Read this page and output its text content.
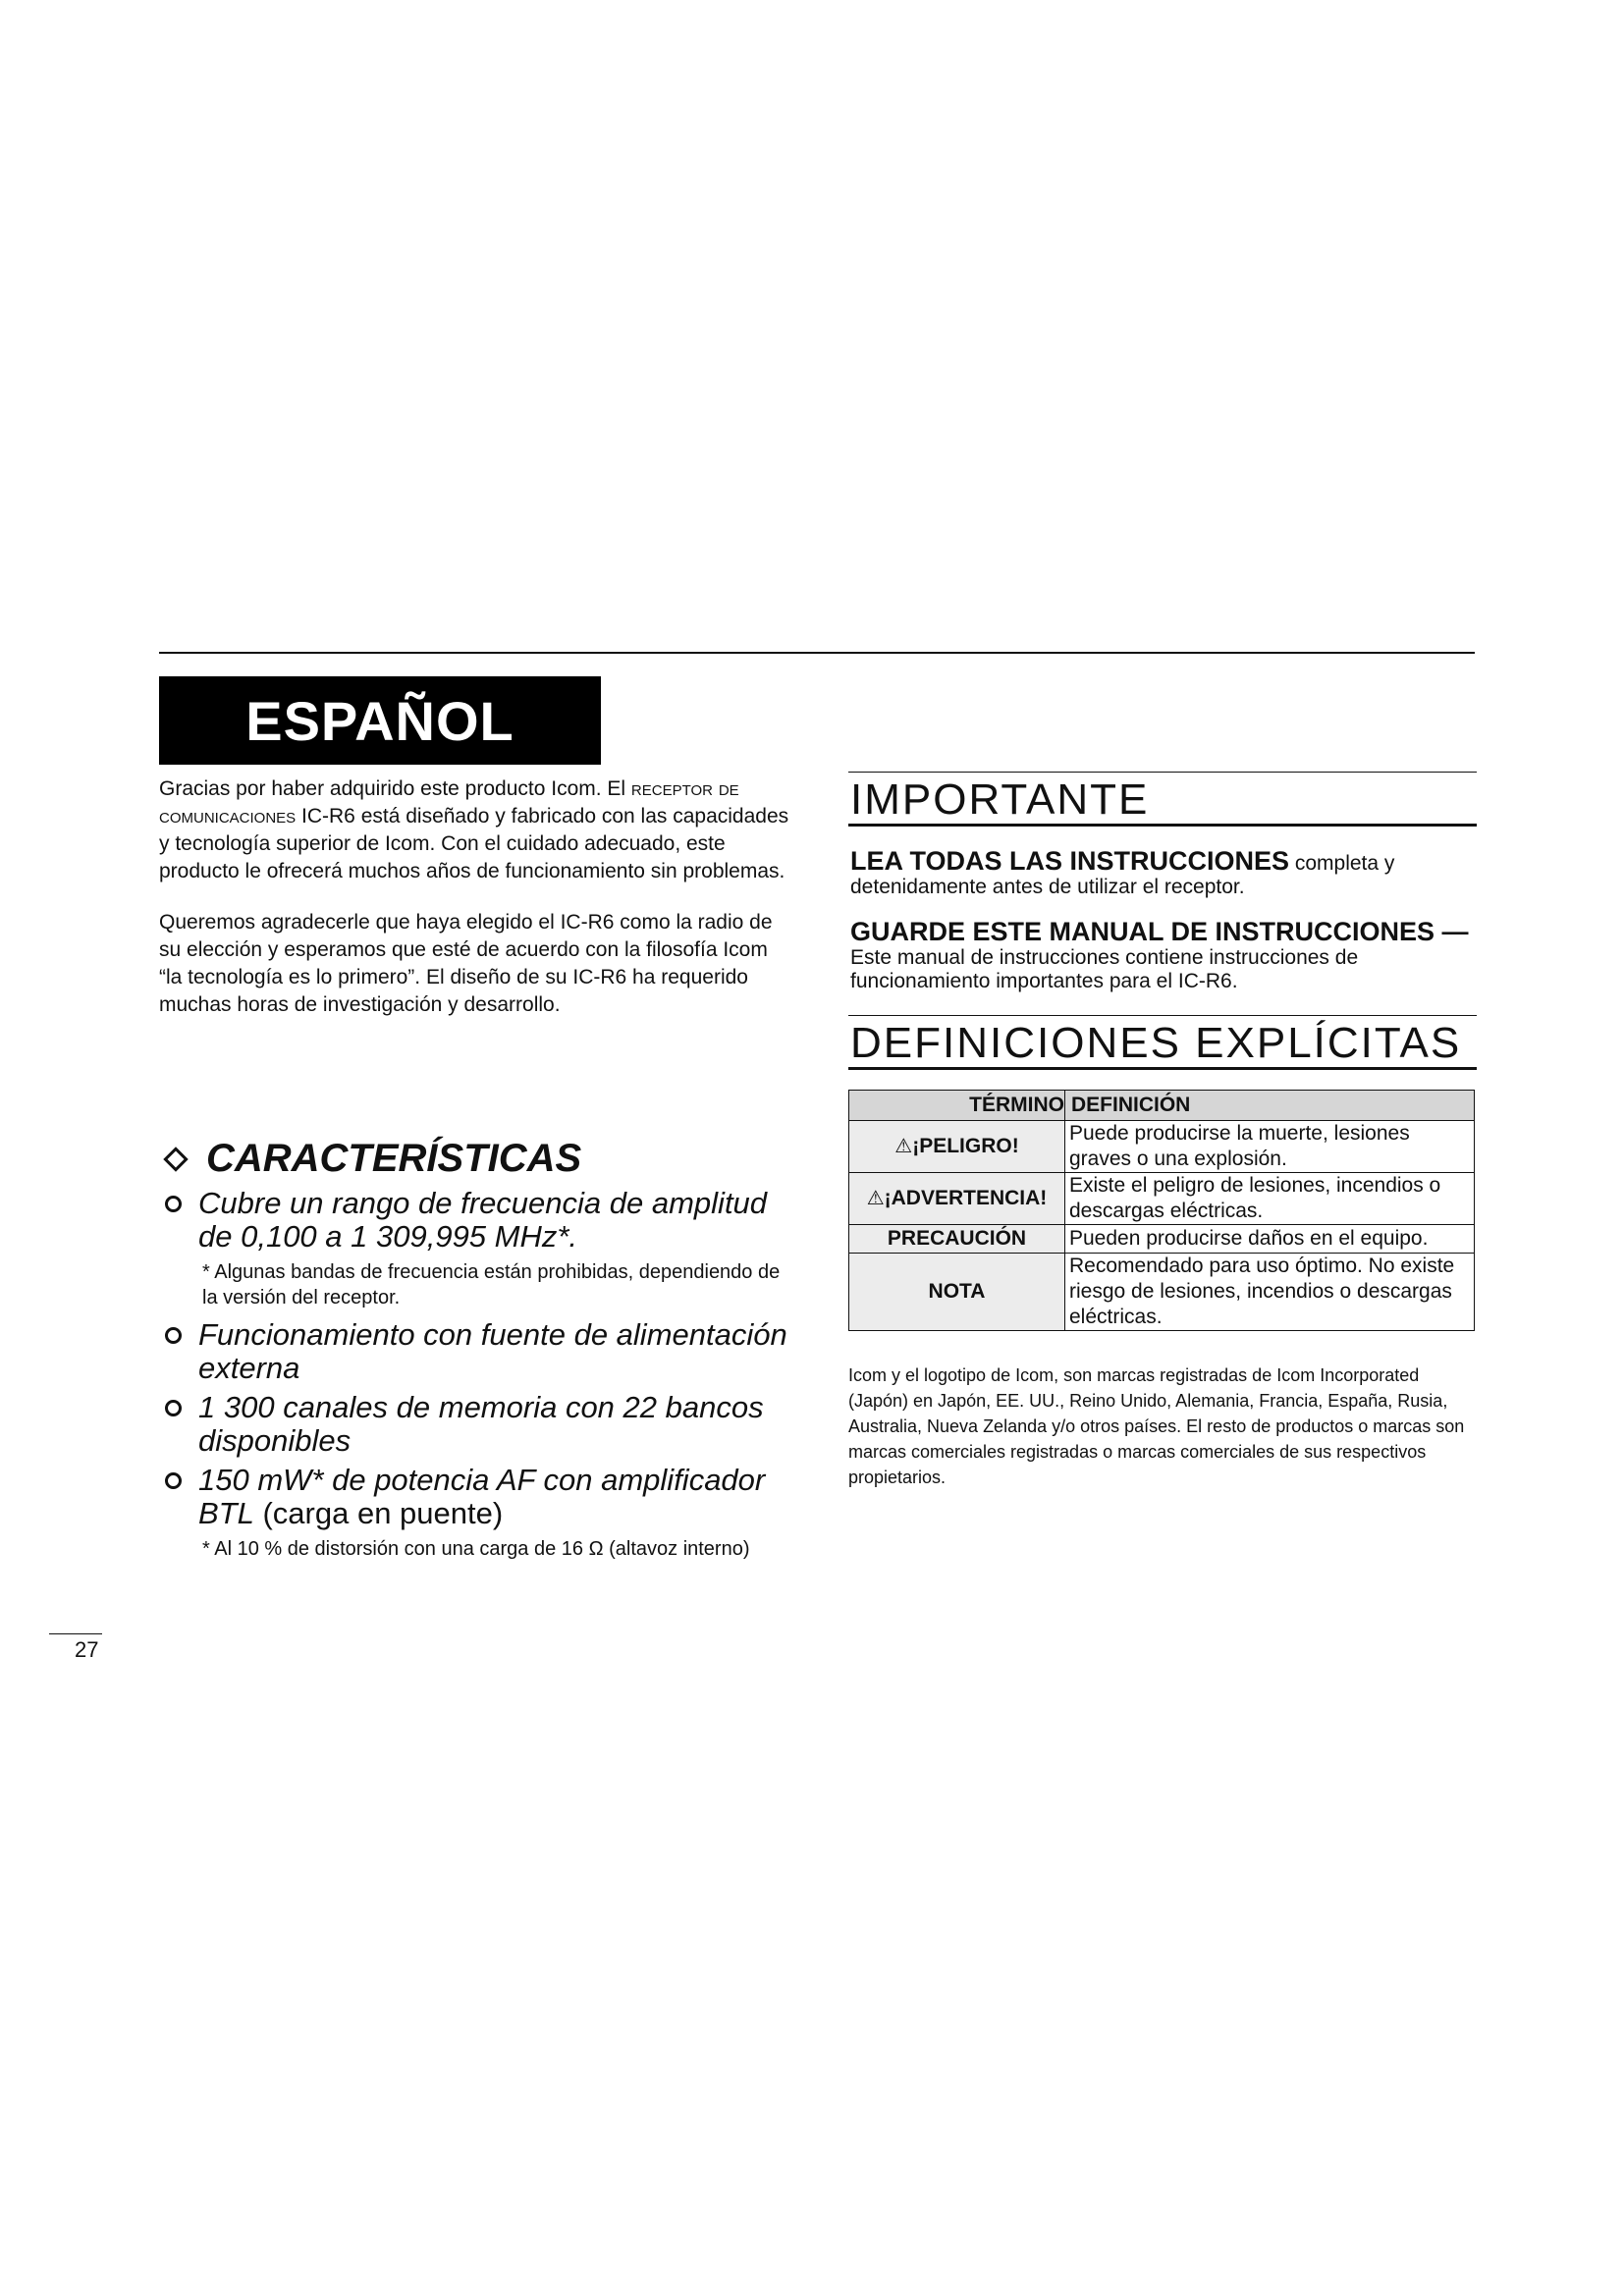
ESPAÑOL

Gracias por haber adquirido este producto Icom. El receptor de comunicaciones IC-R6 está diseñado y fabricado con las capacidades y tecnología superior de Icom. Con el cuidado adecuado, este producto le ofrecerá muchos años de funcionamiento sin problemas.

Queremos agradecerle que haya elegido el IC-R6 como la radio de su elección y esperamos que esté de acuerdo con la filosofía Icom “la tecnología es lo primero”. El diseño de su IC-R6 ha requerido muchas horas de investigación y desarrollo.

CARACTERÍSTICAS
Cubre un rango de frecuencia de amplitud de 0,100 a 1 309,995 MHz*.
* Algunas bandas de frecuencia están prohibidas, dependiendo de la versión del receptor.
Funcionamiento con fuente de alimentación externa
1 300 canales de memoria con 22 bancos disponibles
150 mW* de potencia AF con amplificador BTL (carga en puente)
* Al 10 % de distorsión con una carga de 16 Ω (altavoz interno)
IMPORTANTE

LEA TODAS LAS INSTRUCCIONES completa y detenidamente antes de utilizar el receptor.

GUARDE ESTE MANUAL DE INSTRUCCIONES — Este manual de instrucciones contiene instrucciones de funcionamiento importantes para el IC-R6.

DEFINICIONES EXPLÍCITAS
TÉRMINO	DEFINICIÓN
⚠¡PELIGRO!	Puede producirse la muerte, lesiones graves o una explosión.
⚠¡ADVERTENCIA!	Existe el peligro de lesiones, incendios o descargas eléctricas.
PRECAUCIÓN	Pueden producirse daños en el equipo.
NOTA	Recomendado para uso óptimo. No existe riesgo de lesiones, incendios o descargas eléctricas.
Icom y el logotipo de Icom, son marcas registradas de Icom Incorporated (Japón) en Japón, EE. UU., Reino Unido, Alemania, Francia, España, Rusia, Australia, Nueva Zelanda y/o otros países. El resto de productos o marcas son marcas comerciales registradas o marcas comerciales de sus respectivos propietarios.
27
